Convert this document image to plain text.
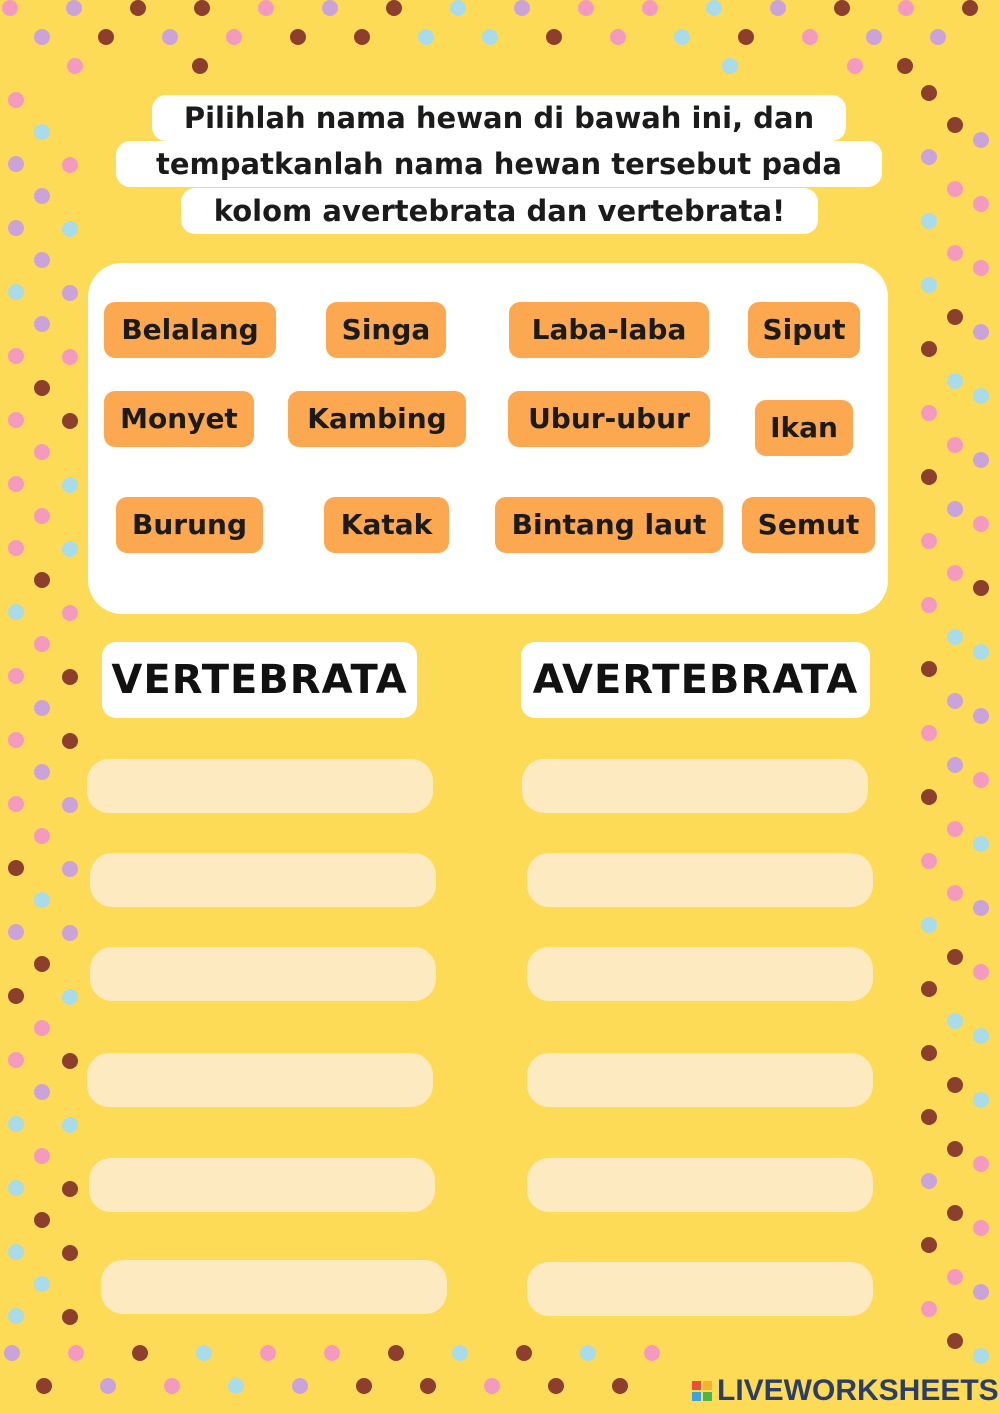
Pilihlah nama hewan di bawah ini, dan
tempatkanlah nama hewan tersebut pada
kolom avertebrata dan vertebrata!
Belalang	Singa	Laba-laba	Siput
Monyet	Kambing	Ubur-ubur	Ikan
Burung	Katak	Bintang laut	Semut
VERTEBRATA	AVERTEBRATA
LIVEWORKSHEETS
